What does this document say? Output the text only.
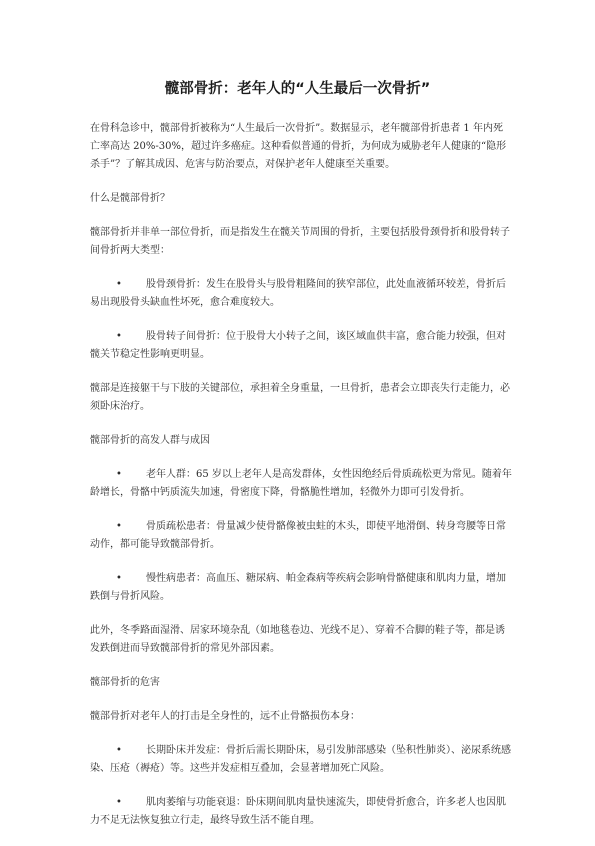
髋部骨折：老年人的“人生最后一次骨折”

在骨科急诊中，髋部骨折被称为“人生最后一次骨折”。数据显示，老年髋部骨折患者 1 年内死亡率高达 20%-30%，超过许多癌症。这种看似普通的骨折，为何成为威胁老年人健康的“隐形杀手”？了解其成因、危害与防治要点，对保护老年人健康至关重要。

什么是髋部骨折？

髋部骨折并非单一部位骨折，而是指发生在髋关节周围的骨折，主要包括股骨颈骨折和股骨转子间骨折两大类型：

• 股骨颈骨折：发生在股骨头与股骨粗隆间的狭窄部位，此处血液循环较差，骨折后易出现股骨头缺血性坏死，愈合难度较大。

• 股骨转子间骨折：位于股骨大小转子之间，该区域血供丰富，愈合能力较强，但对髋关节稳定性影响更明显。

髋部是连接躯干与下肢的关键部位，承担着全身重量，一旦骨折，患者会立即丧失行走能力，必须卧床治疗。

髋部骨折的高发人群与成因

• 老年人群：65 岁以上老年人是高发群体，女性因绝经后骨质疏松更为常见。随着年龄增长，骨骼中钙质流失加速，骨密度下降，骨骼脆性增加，轻微外力即可引发骨折。

• 骨质疏松患者：骨量减少使骨骼像被虫蛀的木头，即使平地滑倒、转身弯腰等日常动作，都可能导致髋部骨折。

• 慢性病患者：高血压、糖尿病、帕金森病等疾病会影响骨骼健康和肌肉力量，增加跌倒与骨折风险。

此外，冬季路面湿滑、居家环境杂乱（如地毯卷边、光线不足）、穿着不合脚的鞋子等，都是诱发跌倒进而导致髋部骨折的常见外部因素。

髋部骨折的危害

髋部骨折对老年人的打击是全身性的，远不止骨骼损伤本身：

• 长期卧床并发症：骨折后需长期卧床，易引发肺部感染（坠积性肺炎）、泌尿系统感染、压疮（褥疮）等。这些并发症相互叠加，会显著增加死亡风险。

• 肌肉萎缩与功能衰退：卧床期间肌肉量快速流失，即使骨折愈合，许多老人也因肌力不足无法恢复独立行走，最终导致生活不能自理。
